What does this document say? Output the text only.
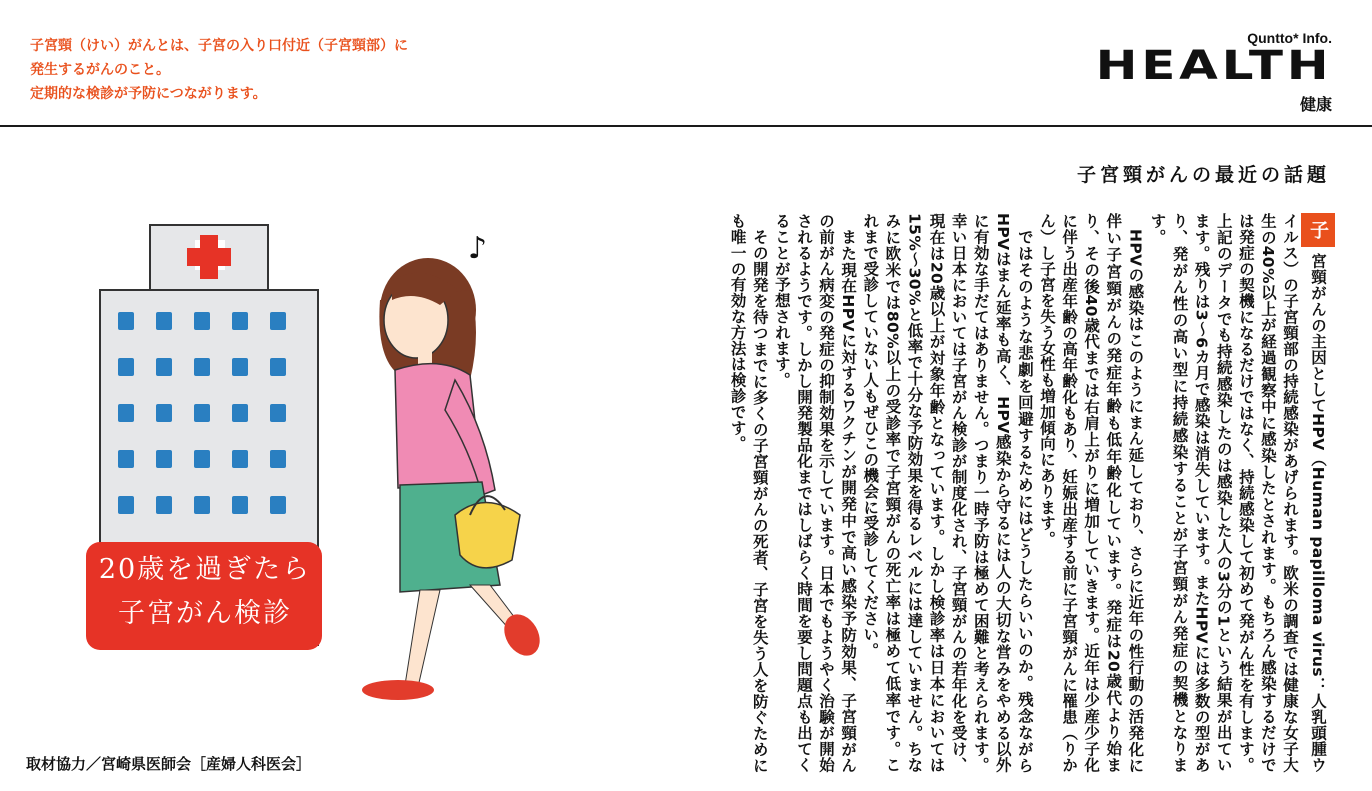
子宮頸（けい）がんとは、子宮の入り口付近（子宮頸部）に
発生するがんのこと。
定期的な検診が予防につながります。
Quntto* Info.
HEALTH
健康
子宮頸がんの最近の話題

子宮頸がんの主因としてHPV（Human papilloma virus：人乳頭腫ウイルス）の子宮頸部の持続感染があげられます。欧米の調査では健康な女子大生の40%以上が経過観察中に感染したとされます。もちろん感染するだけでは発症の契機になるだけではなく、持続感染して初めて発がん性を有します。上記のデータでも持続感染したのは感染した人の3分の1という結果が出ています。残りは3〜6カ月で感染は消失しています。またHPVには多数の型があり、発がん性の高い型に持続感染することが子宮頸がん発症の契機となります。

HPVの感染はこのようにまん延しており、さらに近年の性行動の活発化に伴い子宮頸がんの発症年齢も低年齢化しています。発症は20歳代より始まり、その後40歳代までは右肩上がりに増加していきます。近年は少産少子化に伴う出産年齢の高年齢化もあり、妊娠出産する前に子宮頸がんに罹患（りかん）し子宮を失う女性も増加傾向にあります。

ではそのような悲劇を回避するためにはどうしたらいいのか。残念ながらHPVはまん延率も高く、HPV感染から守るには人の大切な営みをやめる以外に有効な手だてはありません。つまり一時予防は極めて困難と考えられます。幸い日本においては子宮がん検診が制度化され、子宮頸がんの若年化を受け、現在は20歳以上が対象年齢となっています。しかし検診率は日本においては15%〜30%と低率で十分な予防効果を得るレベルには達していません。ちなみに欧米では80%以上の受診率で子宮頸がんの死亡率は極めて低率です。これまで受診していない人もぜひこの機会に受診してください。

また現在HPVに対するワクチンが開発中で高い感染予防効果、子宮頸がんの前がん病変の発症の抑制効果を示しています。日本でもようやく治験が開始されるようです。しかし開発製品化まではしばらく時間を要し問題点も出てくることが予想されます。

その開発を待つまでに多くの子宮頸がんの死者、子宮を失う人を防ぐためにも唯一の有効な方法は検診です。

♪
20歳を過ぎたら
子宮がん検診
取材協力／宮崎県医師会［産婦人科医会］
